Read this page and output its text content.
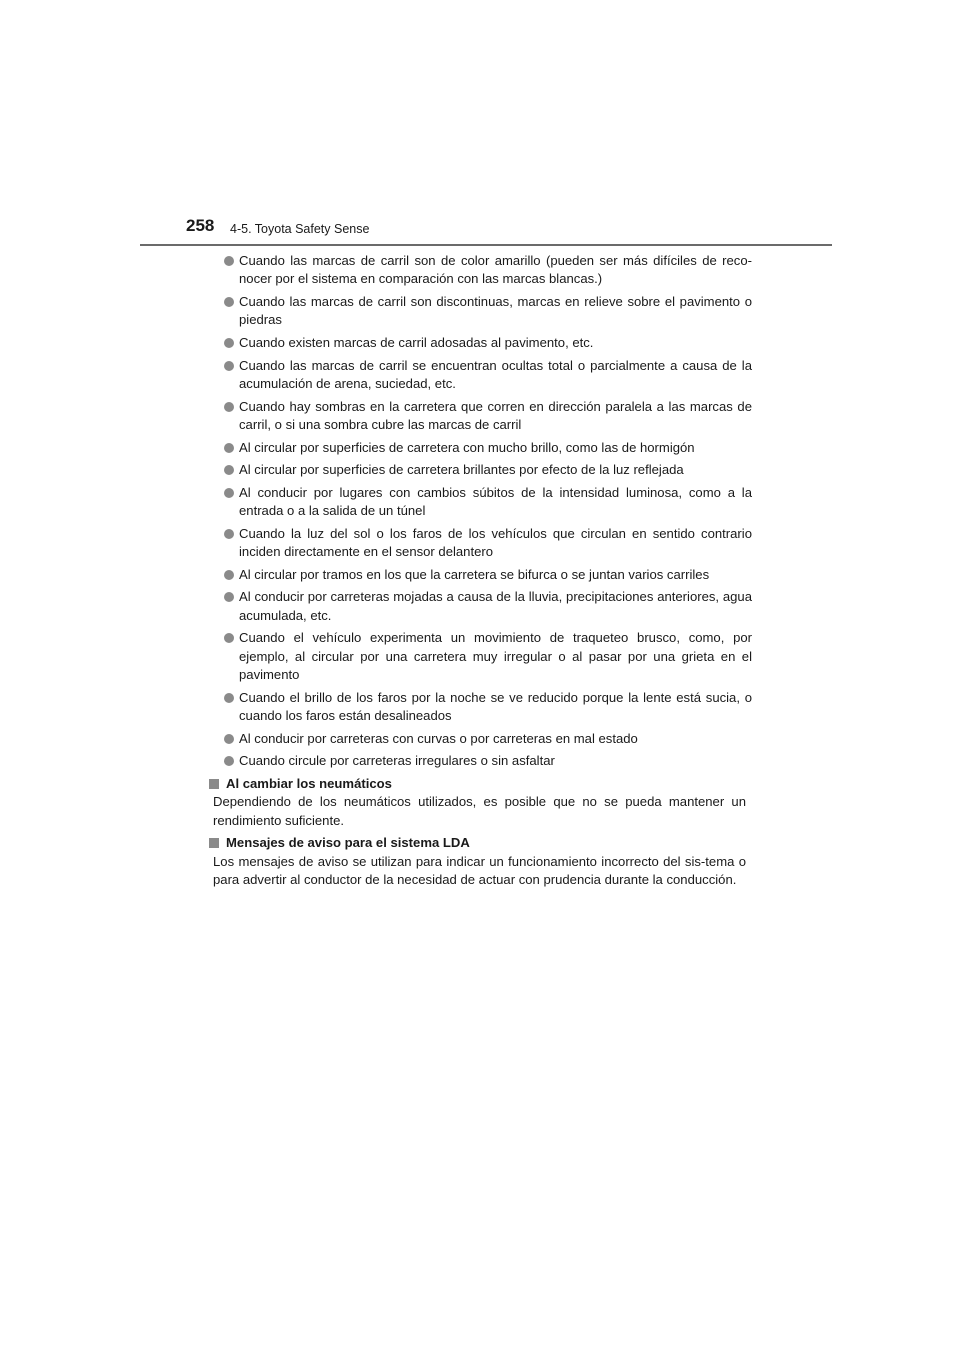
258 4-5. Toyota Safety Sense
Cuando las marcas de carril son de color amarillo (pueden ser más difíciles de reco-nocer por el sistema en comparación con las marcas blancas.)
Cuando las marcas de carril son discontinuas, marcas en relieve sobre el pavimento o piedras
Cuando existen marcas de carril adosadas al pavimento, etc.
Cuando las marcas de carril se encuentran ocultas total o parcialmente a causa de la acumulación de arena, suciedad, etc.
Cuando hay sombras en la carretera que corren en dirección paralela a las marcas de carril, o si una sombra cubre las marcas de carril
Al circular por superficies de carretera con mucho brillo, como las de hormigón
Al circular por superficies de carretera brillantes por efecto de la luz reflejada
Al conducir por lugares con cambios súbitos de la intensidad luminosa, como a la entrada o a la salida de un túnel
Cuando la luz del sol o los faros de los vehículos que circulan en sentido contrario inciden directamente en el sensor delantero
Al circular por tramos en los que la carretera se bifurca o se juntan varios carriles
Al conducir por carreteras mojadas a causa de la lluvia, precipitaciones anteriores, agua acumulada, etc.
Cuando el vehículo experimenta un movimiento de traqueteo brusco, como, por ejemplo, al circular por una carretera muy irregular o al pasar por una grieta en el pavimento
Cuando el brillo de los faros por la noche se ve reducido porque la lente está sucia, o cuando los faros están desalineados
Al conducir por carreteras con curvas o por carreteras en mal estado
Cuando circule por carreteras irregulares o sin asfaltar
Al cambiar los neumáticos
Dependiendo de los neumáticos utilizados, es posible que no se pueda mantener un rendimiento suficiente.
Mensajes de aviso para el sistema LDA
Los mensajes de aviso se utilizan para indicar un funcionamiento incorrecto del sis-tema o para advertir al conductor de la necesidad de actuar con prudencia durante la conducción.
